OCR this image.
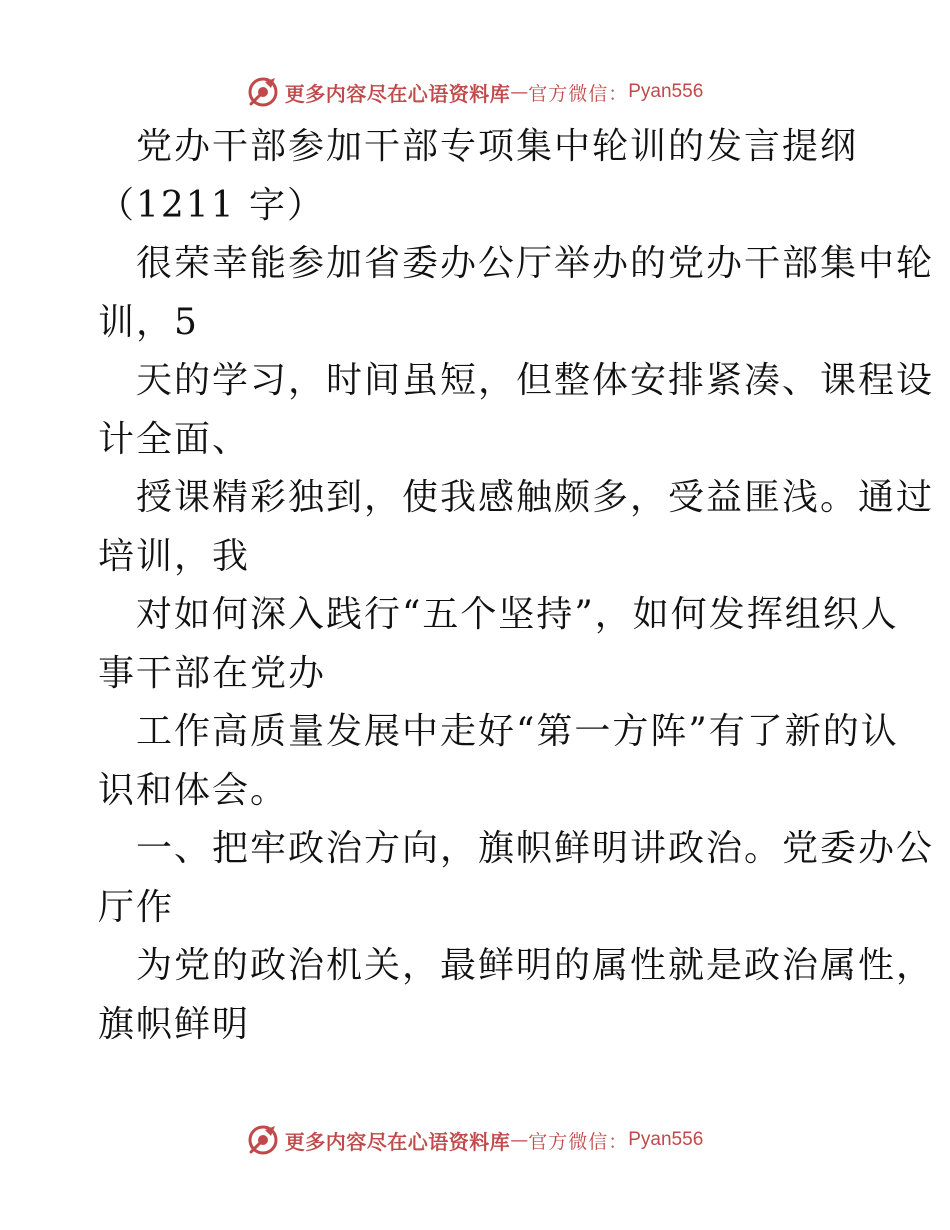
更多内容尽在心语资料库 — 官方微信： Pyan556
党办干部参加干部专项集中轮训的发言提纲
（1211 字）
很荣幸能参加省委办公厅举办的党办干部集中轮
训，5
天的学习，时间虽短，但整体安排紧凑、课程设
计全面、
授课精彩独到，使我感触颇多，受益匪浅。通过
培训，我
对如何深入践行“五个坚持”，如何发挥组织人
事干部在党办
工作高质量发展中走好“第一方阵”有了新的认
识和体会。
一、把牢政治方向，旗帜鲜明讲政治。党委办公
厅作
为党的政治机关，最鲜明的属性就是政治属性，
旗帜鲜明
更多内容尽在心语资料库 — 官方微信： Pyan556
